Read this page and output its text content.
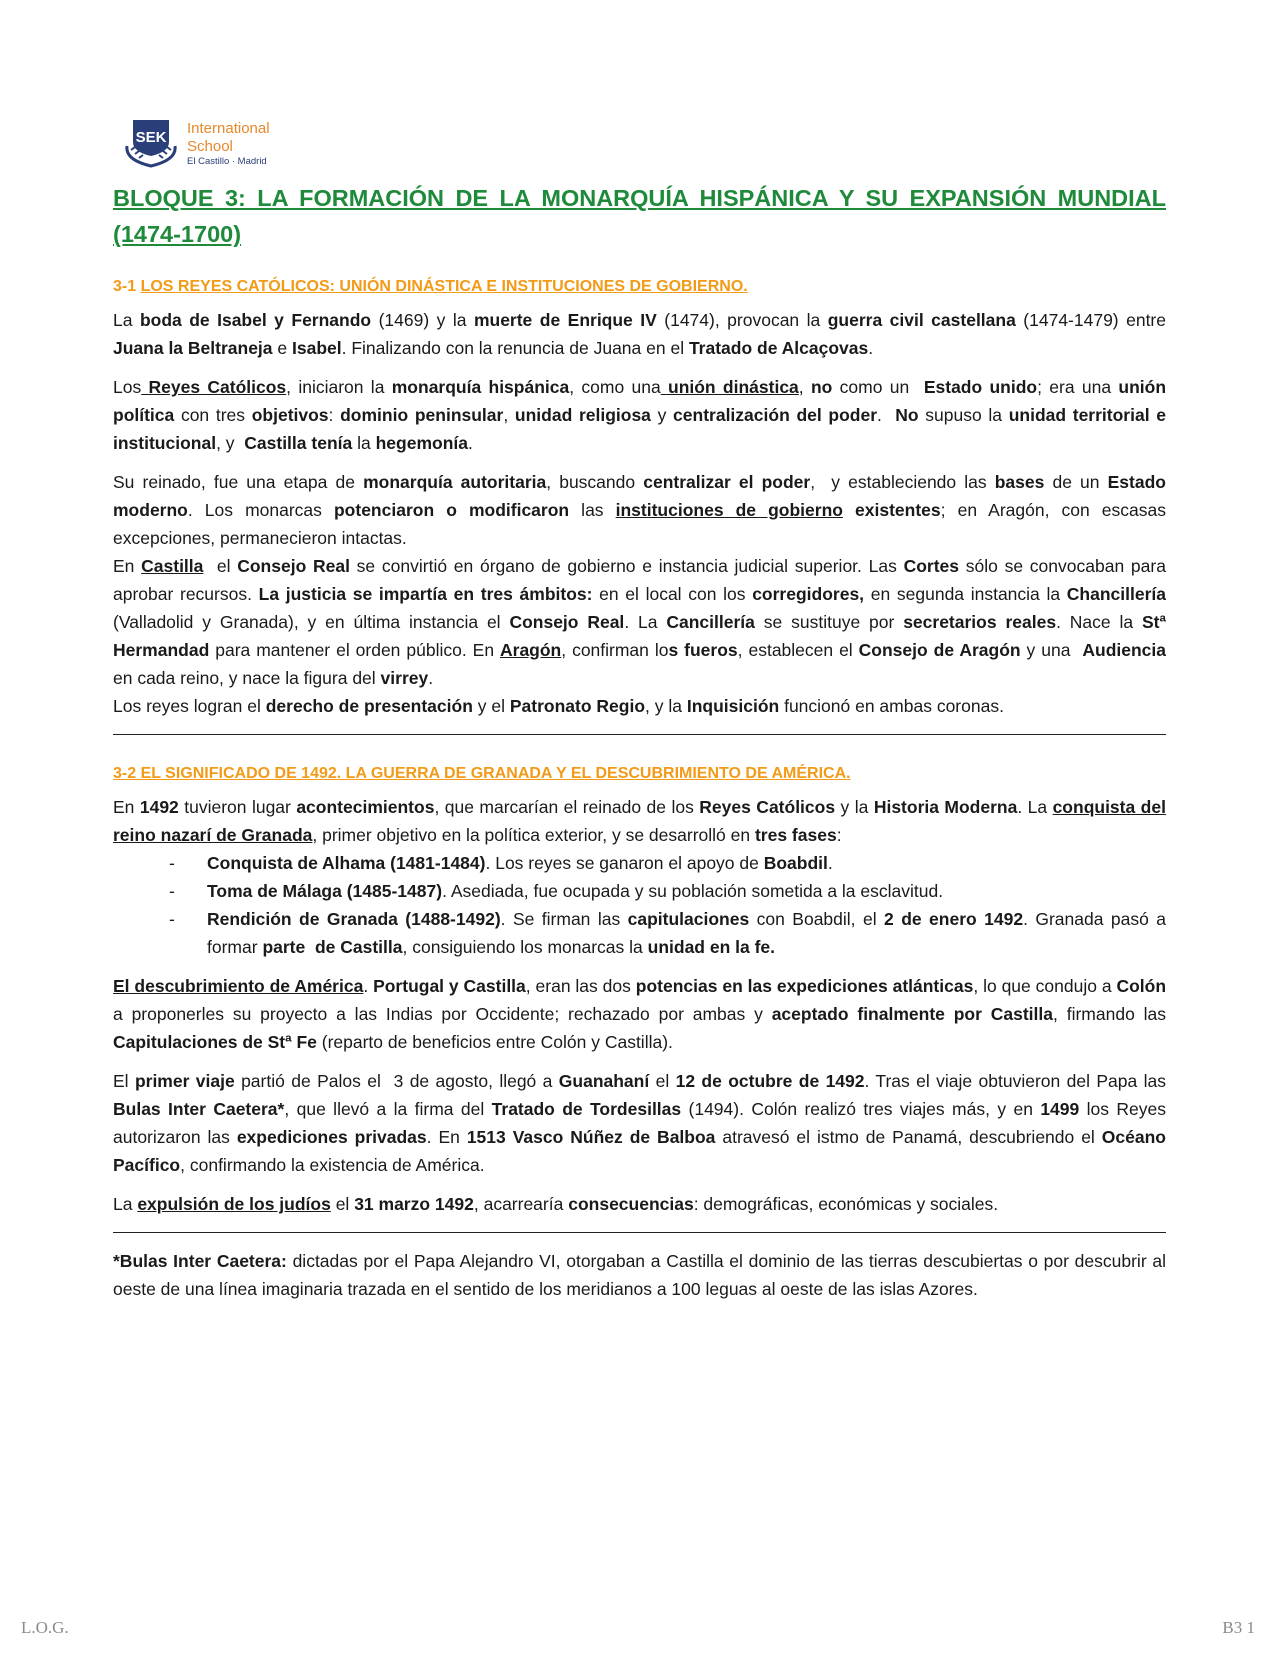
SEK
International
School
El Castillo · Madrid
BLOQUE 3: LA FORMACIÓN DE LA MONARQUÍA HISPÁNICA Y SU EXPANSIÓN MUNDIAL (1474-1700)
3-1 LOS REYES CATÓLICOS: UNIÓN DINÁSTICA E INSTITUCIONES DE GOBIERNO.

La boda de Isabel y Fernando (1469) y la muerte de Enrique IV (1474), provocan la guerra civil castellana (1474-1479) entre Juana la Beltraneja e Isabel. Finalizando con la renuncia de Juana en el Tratado de Alcaçovas.

Los Reyes Católicos, iniciaron la monarquía hispánica, como una unión dinástica, no como un  Estado unido; era una unión política con tres objetivos: dominio peninsular, unidad religiosa y centralización del poder.  No supuso la unidad territorial e institucional, y  Castilla tenía la hegemonía.

Su reinado, fue una etapa de monarquía autoritaria, buscando centralizar el poder,  y estableciendo las bases de un Estado moderno. Los monarcas potenciaron o modificaron las instituciones de gobierno existentes; en Aragón, con escasas excepciones, permanecieron intactas.

En Castilla  el Consejo Real se convirtió en órgano de gobierno e instancia judicial superior. Las Cortes sólo se convocaban para aprobar recursos. La justicia se impartía en tres ámbitos: en el local con los corregidores, en segunda instancia la Chancillería (Valladolid y Granada), y en última instancia el Consejo Real. La Cancillería se sustituye por secretarios reales. Nace la Stª Hermandad para mantener el orden público. En Aragón, confirman los fueros, establecen el Consejo de Aragón y una  Audiencia en cada reino, y nace la figura del virrey.

Los reyes logran el derecho de presentación y el Patronato Regio, y la Inquisición funcionó en ambas coronas.

3-2 EL SIGNIFICADO DE 1492. LA GUERRA DE GRANADA Y EL DESCUBRIMIENTO DE AMÉRICA.

En 1492 tuvieron lugar acontecimientos, que marcarían el reinado de los Reyes Católicos y la Historia Moderna. La conquista del reino nazarí de Granada, primer objetivo en la política exterior, y se desarrolló en tres fases:

- Conquista de Alhama (1481-1484). Los reyes se ganaron el apoyo de Boabdil.
- Toma de Málaga (1485-1487). Asediada, fue ocupada y su población sometida a la esclavitud.
- Rendición de Granada (1488-1492). Se firman las capitulaciones con Boabdil, el 2 de enero 1492. Granada pasó a formar parte  de Castilla, consiguiendo los monarcas la unidad en la fe.

El descubrimiento de América. Portugal y Castilla, eran las dos potencias en las expediciones atlánticas, lo que condujo a Colón a proponerles su proyecto a las Indias por Occidente; rechazado por ambas y aceptado finalmente por Castilla, firmando las Capitulaciones de Stª Fe (reparto de beneficios entre Colón y Castilla).

El primer viaje partió de Palos el  3 de agosto, llegó a Guanahaní el 12 de octubre de 1492. Tras el viaje obtuvieron del Papa las Bulas Inter Caetera*, que llevó a la firma del Tratado de Tordesillas (1494). Colón realizó tres viajes más, y en 1499 los Reyes autorizaron las expediciones privadas. En 1513 Vasco Núñez de Balboa atravesó el istmo de Panamá, descubriendo el Océano Pacífico, confirmando la existencia de América.

La expulsión de los judíos el 31 marzo 1492, acarrearía consecuencias: demográficas, económicas y sociales.

*Bulas Inter Caetera: dictadas por el Papa Alejandro VI, otorgaban a Castilla el dominio de las tierras descubiertas o por descubrir al oeste de una línea imaginaria trazada en el sentido de los meridianos a 100 leguas al oeste de las islas Azores.

L.O.G.	B3 1
